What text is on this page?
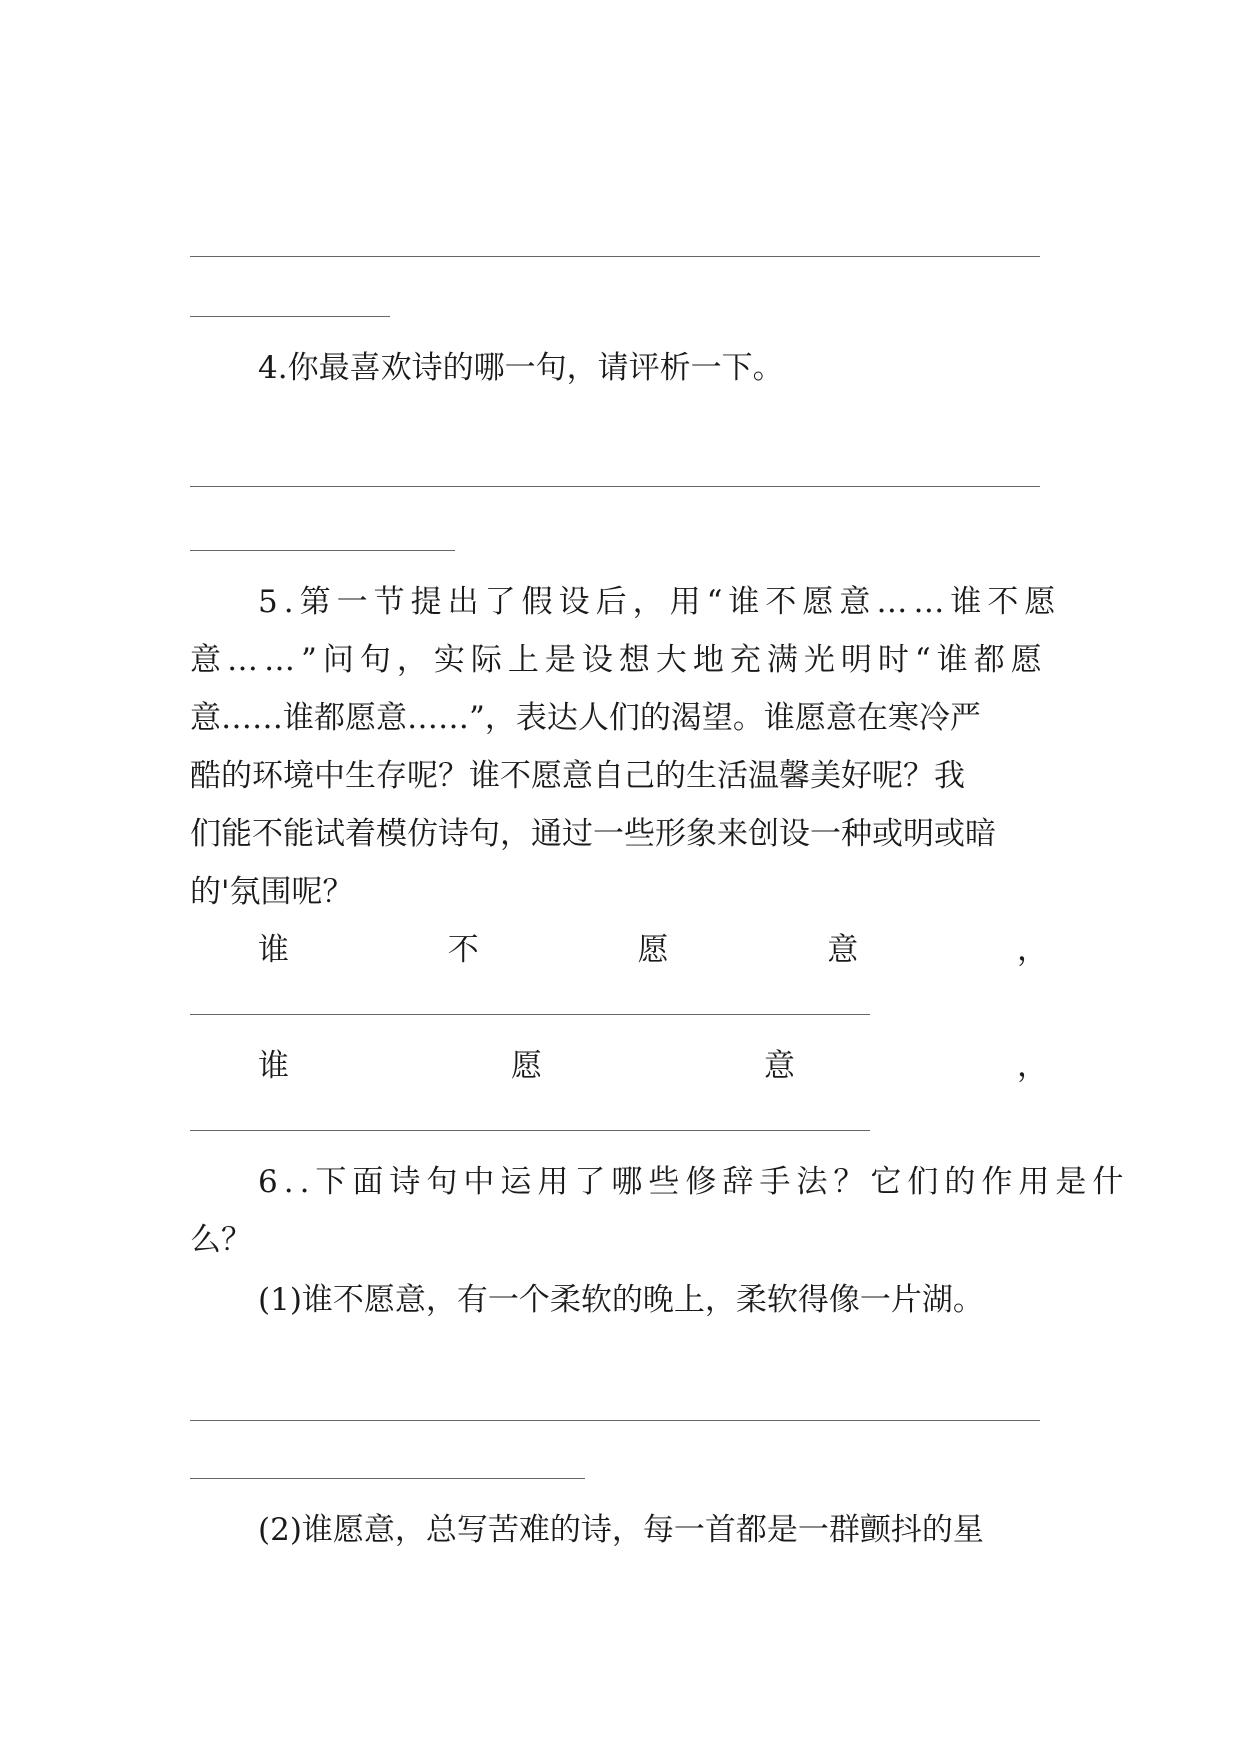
4.你最喜欢诗的哪一句，请评析一下。
5.第一节提出了假设后，用“谁不愿意……谁不愿
意……”问句，实际上是设想大地充满光明时“谁都愿
意……谁都愿意……”，表达人们的渴望。谁愿意在寒冷严
酷的环境中生存呢？谁不愿意自己的生活温馨美好呢？我
们能不能试着模仿诗句，通过一些形象来创设一种或明或暗
的'氛围呢？
谁	不	愿	意	，
谁	愿	意	，
6..下面诗句中运用了哪些修辞手法？它们的作用是什
么？
(1)谁不愿意，有一个柔软的晚上，柔软得像一片湖。
(2)谁愿意，总写苦难的诗，每一首都是一群颤抖的星
